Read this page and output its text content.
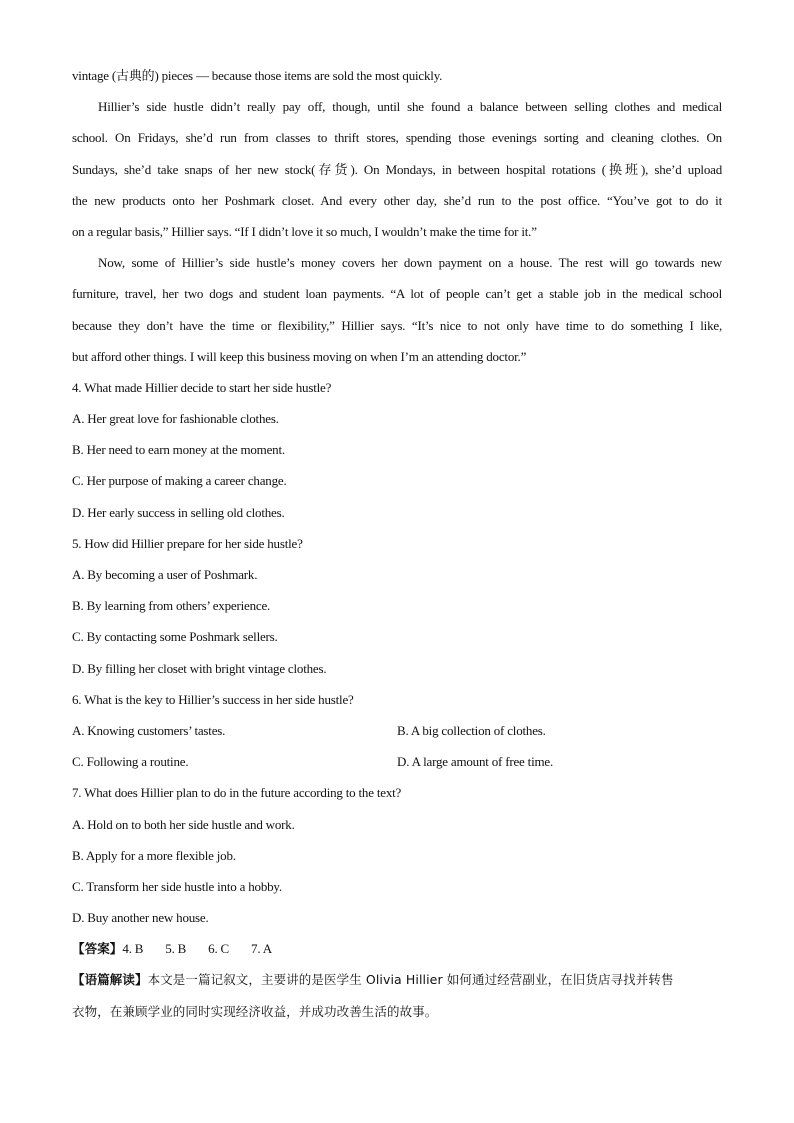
vintage (古典的) pieces — because those items are sold the most quickly.
Hillier’s side hustle didn’t really pay off, though, until she found a balance between selling clothes and medical
school. On Fridays, she’d run from classes to thrift stores, spending those evenings sorting and cleaning clothes. On
Sundays, she’d take snaps of her new stock(存货). On Mondays, in between hospital rotations (换班), she’d upload
the new products onto her Poshmark closet. And every other day, she’d run to the post office. “You’ve got to do it
on a regular basis,” Hillier says. “If I didn’t love it so much, I wouldn’t make the time for it.”
Now, some of Hillier’s side hustle’s money covers her down payment on a house. The rest will go towards new
furniture, travel, her two dogs and student loan payments. “A lot of people can’t get a stable job in the medical school
because they don’t have the time or flexibility,” Hillier says. “It’s nice to not only have time to do something I like,
but afford other things. I will keep this business moving on when I’m an attending doctor.”
4. What made Hillier decide to start her side hustle?
A. Her great love for fashionable clothes.
B. Her need to earn money at the moment.
C. Her purpose of making a career change.
D. Her early success in selling old clothes.
5. How did Hillier prepare for her side hustle?
A. By becoming a user of Poshmark.
B. By learning from others’ experience.
C. By contacting some Poshmark sellers.
D. By filling her closet with bright vintage clothes.
6. What is the key to Hillier’s success in her side hustle?
A. Knowing customers’ tastes.	B. A big collection of clothes.
C. Following a routine.	D. A large amount of free time.
7. What does Hillier plan to do in the future according to the text?
A. Hold on to both her side hustle and work.
B. Apply for a more flexible job.
C. Transform her side hustle into a hobby.
D. Buy another new house.
【答案】4. B 5. B 6. C 7. A
【语篇解读】本文是一篇记叙文，主要讲的是医学生 Olivia Hillier 如何通过经营副业，在旧货店寻找并转售
衣物，在兼顾学业的同时实现经济收益，并成功改善生活的故事。
